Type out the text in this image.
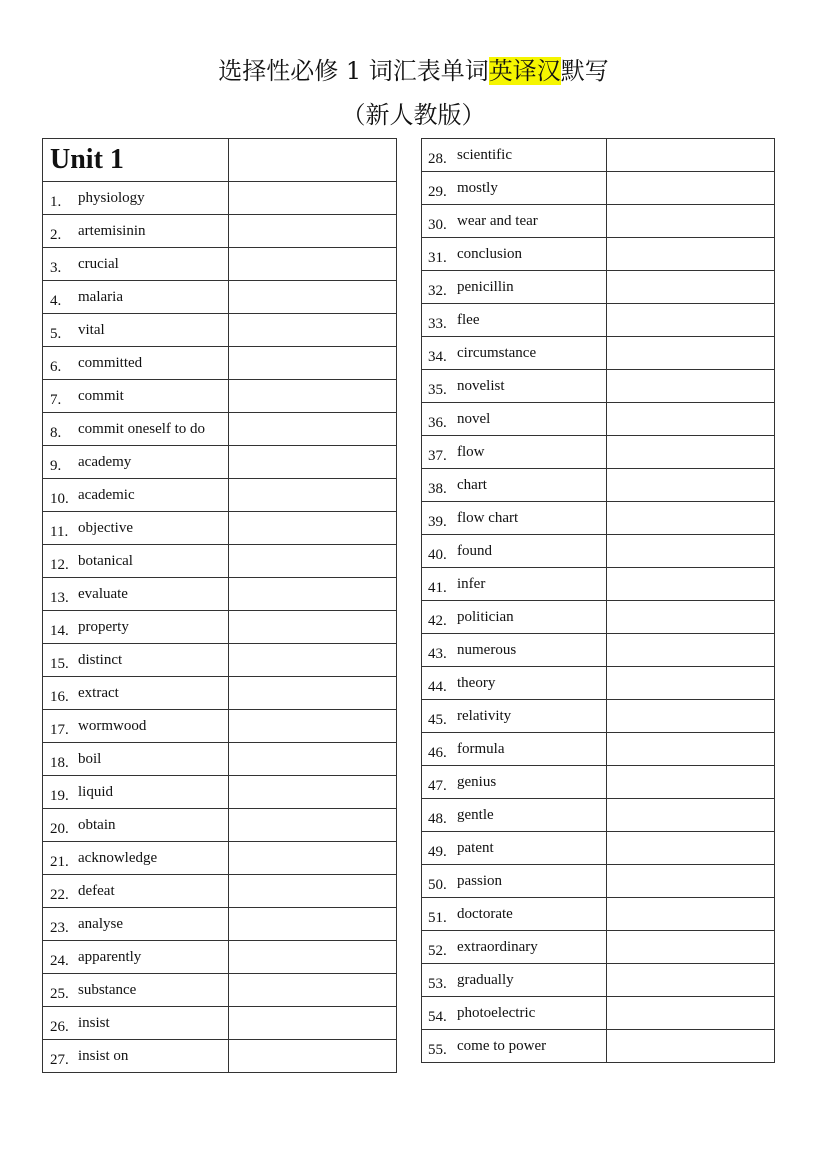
选择性必修 1 词汇表单词英译汉默写
（新人教版）
Unit 1	
1. physiology	
2. artemisinin	
3. crucial	
4. malaria	
5. vital	
6. committed	
7. commit	
8. commit oneself to do	
9. academy	
10. academic	
11. objective	
12. botanical	
13. evaluate	
14. property	
15. distinct	
16. extract	
17. wormwood	
18. boil	
19. liquid	
20. obtain	
21. acknowledge	
22. defeat	
23. analyse	
24. apparently	
25. substance	
26. insist	
27. insist on	
28. scientific	
29. mostly	
30. wear and tear	
31. conclusion	
32. penicillin	
33. flee	
34. circumstance	
35. novelist	
36. novel	
37. flow	
38. chart	
39. flow chart	
40. found	
41. infer	
42. politician	
43. numerous	
44. theory	
45. relativity	
46. formula	
47. genius	
48. gentle	
49. patent	
50. passion	
51. doctorate	
52. extraordinary	
53. gradually	
54. photoelectric	
55. come to power	
